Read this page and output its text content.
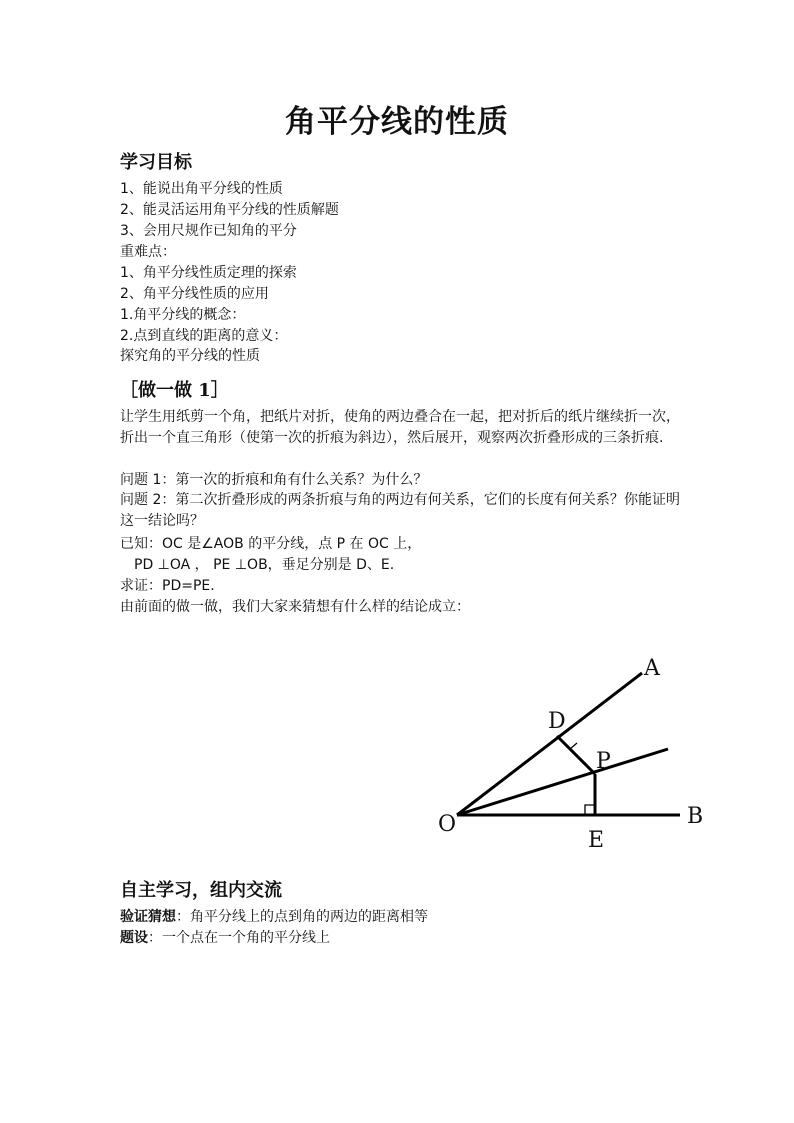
角平分线的性质
学习目标
1、能说出角平分线的性质
2、能灵活运用角平分线的性质解题
3、会用尺规作已知角的平分
重难点：
1、角平分线性质定理的探索
2、角平分线性质的应用
1.角平分线的概念：
2.点到直线的距离的意义：
探究角的平分线的性质
［做一做 1］
让学生用纸剪一个角，把纸片对折，使角的两边叠合在一起，把对折后的纸片继续折一次，折出一个直三角形（使第一次的折痕为斜边），然后展开，观察两次折叠形成的三条折痕.
问题 1：第一次的折痕和角有什么关系？为什么？
问题 2：第二次折叠形成的两条折痕与角的两边有何关系，它们的长度有何关系？你能证明这一结论吗？
已知：OC 是∠AOB 的平分线，点 P 在 OC 上，
PD ⊥OA ， PE ⊥OB，垂足分别是 D、E.
求证：PD=PE.
由前面的做一做，我们大家来猜想有什么样的结论成立：
A
B
O
D
E
P
自主学习，组内交流
验证猜想：角平分线上的点到角的两边的距离相等
题设：一个点在一个角的平分线上
